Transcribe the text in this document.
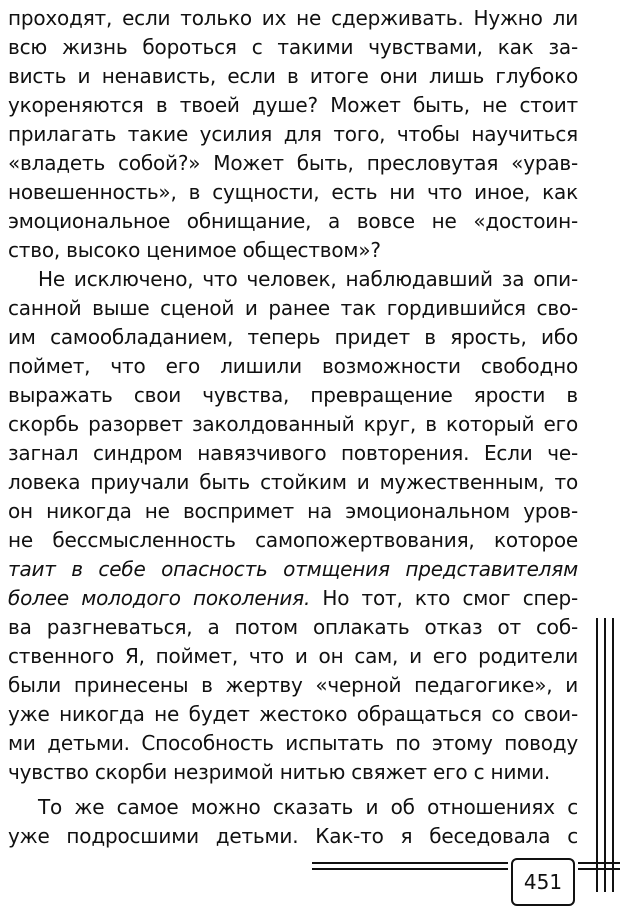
проходят, если только их не сдерживать. Нужно ли
всю жизнь бороться с такими чувствами, как за-
висть и ненависть, если в итоге они лишь глубоко
укореняются в твоей душе? Может быть, не стоит
прилагать такие усилия для того, чтобы научиться
«владеть собой?» Может быть, пресловутая «урав-
новешенность», в сущности, есть ни что иное, как
эмоциональное обнищание, а вовсе не «достоин-
ство, высоко ценимое обществом»?
Не исключено, что человек, наблюдавший за опи-
санной выше сценой и ранее так гордившийся сво-
им самообладанием, теперь придет в ярость, ибо
поймет, что его лишили возможности свободно
выражать свои чувства, превращение ярости в
скорбь разорвет заколдованный круг, в который его
загнал синдром навязчивого повторения. Если че-
ловека приучали быть стойким и мужественным, то
он никогда не воспримет на эмоциональном уров-
не бессмысленность самопожертвования, которое
таит в себе опасность отмщения представителям
более молодого поколения. Но тот, кто смог спер-
ва разгневаться, а потом оплакать отказ от соб-
ственного Я, поймет, что и он сам, и его родители
были принесены в жертву «черной педагогике», и
уже никогда не будет жестоко обращаться со свои-
ми детьми. Способность испытать по этому поводу
чувство скорби незримой нитью свяжет его с ними.
То же самое можно сказать и об отношениях с
уже подросшими детьми. Как-то я беседовала с
451
